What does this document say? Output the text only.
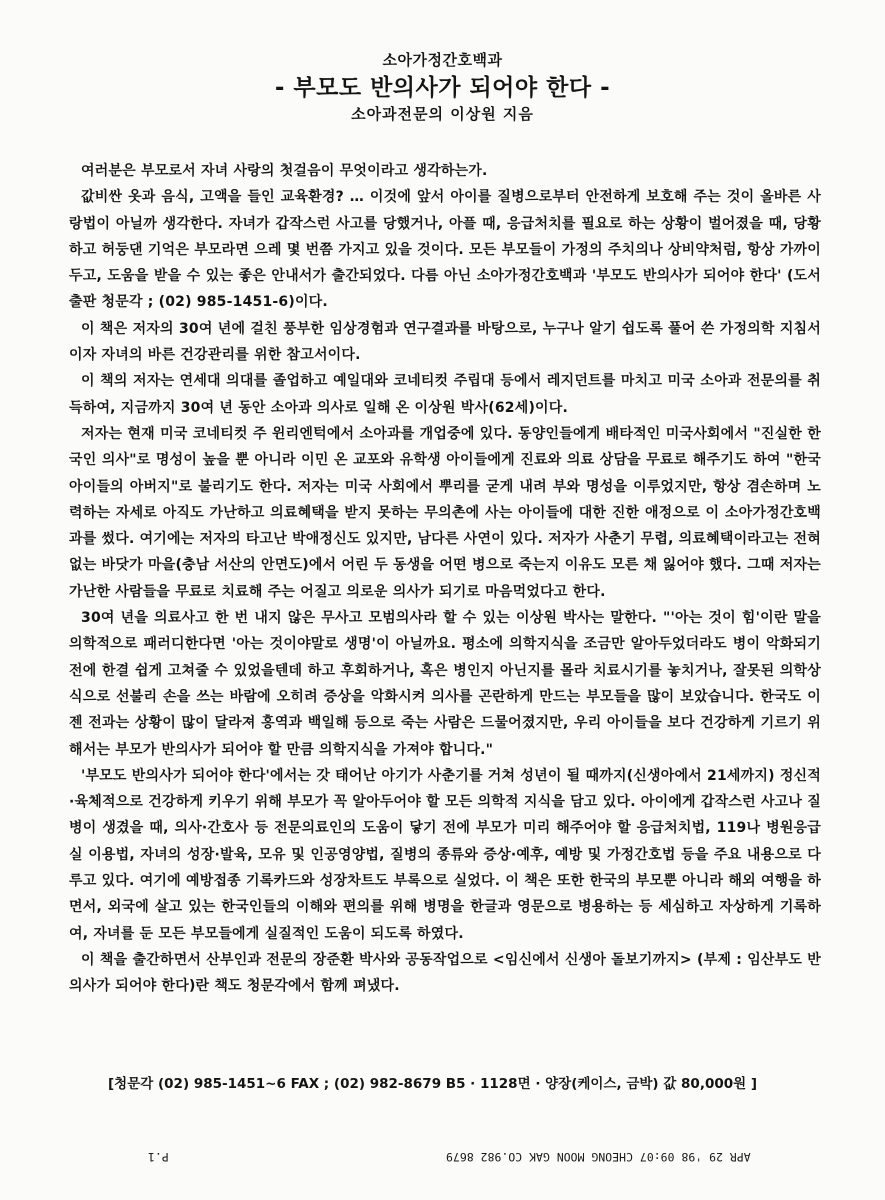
소아가정간호백과
- 부모도 반의사가 되어야 한다 -
소아과전문의 이상원 지음

여러분은 부모로서 자녀 사랑의 첫걸음이 무엇이라고 생각하는가.

값비싼 옷과 음식, 고액을 들인 교육환경? … 이것에 앞서 아이를 질병으로부터 안전하게 보호해 주는 것이 올바른 사랑법이 아닐까 생각한다. 자녀가 갑작스런 사고를 당했거나, 아플 때, 응급처치를 필요로 하는 상황이 벌어졌을 때, 당황하고 허둥댄 기억은 부모라면 으레 몇 번쯤 가지고 있을 것이다. 모든 부모들이 가정의 주치의나 상비약처럼, 항상 가까이 두고, 도움을 받을 수 있는 좋은 안내서가 출간되었다. 다름 아닌 소아가정간호백과 '부모도 반의사가 되어야 한다' (도서출판 청문각 ; (02) 985-1451-6)이다.

이 책은 저자의 30여 년에 걸친 풍부한 임상경험과 연구결과를 바탕으로, 누구나 알기 쉽도록 풀어 쓴 가정의학 지침서이자 자녀의 바른 건강관리를 위한 참고서이다.

이 책의 저자는 연세대 의대를 졸업하고 예일대와 코네티컷 주립대 등에서 레지던트를 마치고 미국 소아과 전문의를 취득하여, 지금까지 30여 년 동안 소아과 의사로 일해 온 이상원 박사(62세)이다.

저자는 현재 미국 코네티컷 주 윈리엔턱에서 소아과를 개업중에 있다. 동양인들에게 배타적인 미국사회에서 "진실한 한국인 의사"로 명성이 높을 뿐 아니라 이민 온 교포와 유학생 아이들에게 진료와 의료 상담을 무료로 해주기도 하여 "한국 아이들의 아버지"로 불리기도 한다. 저자는 미국 사회에서 뿌리를 굳게 내려 부와 명성을 이루었지만, 항상 겸손하며 노력하는 자세로 아직도 가난하고 의료혜택을 받지 못하는 무의촌에 사는 아이들에 대한 진한 애정으로 이 소아가정간호백과를 썼다. 여기에는 저자의 타고난 박애정신도 있지만, 남다른 사연이 있다. 저자가 사춘기 무렵, 의료혜택이라고는 전혀 없는 바닷가 마을(충남 서산의 안면도)에서 어린 두 동생을 어떤 병으로 죽는지 이유도 모른 채 잃어야 했다. 그때 저자는 가난한 사람들을 무료로 치료해 주는 어질고 의로운 의사가 되기로 마음먹었다고 한다.

30여 년을 의료사고 한 번 내지 않은 무사고 모범의사라 할 수 있는 이상원 박사는 말한다. "'아는 것이 힘'이란 말을 의학적으로 패러디한다면 '아는 것이야말로 생명'이 아닐까요. 평소에 의학지식을 조금만 알아두었더라도 병이 악화되기 전에 한결 쉽게 고쳐줄 수 있었을텐데 하고 후회하거나, 혹은 병인지 아닌지를 몰라 치료시기를 놓치거나, 잘못된 의학상식으로 선불리 손을 쓰는 바람에 오히려 증상을 악화시켜 의사를 곤란하게 만드는 부모들을 많이 보았습니다. 한국도 이젠 전과는 상황이 많이 달라져 홍역과 백일해 등으로 죽는 사람은 드물어졌지만, 우리 아이들을 보다 건강하게 기르기 위해서는 부모가 반의사가 되어야 할 만큼 의학지식을 가져야 합니다."

'부모도 반의사가 되어야 한다'에서는 갓 태어난 아기가 사춘기를 거쳐 성년이 될 때까지(신생아에서 21세까지) 정신적·육체적으로 건강하게 키우기 위해 부모가 꼭 알아두어야 할 모든 의학적 지식을 담고 있다. 아이에게 갑작스런 사고나 질병이 생겼을 때, 의사·간호사 등 전문의료인의 도움이 닿기 전에 부모가 미리 해주어야 할 응급처치법, 119나 병원응급실 이용법, 자녀의 성장·발육, 모유 및 인공영양법, 질병의 종류와 증상·예후, 예방 및 가정간호법 등을 주요 내용으로 다루고 있다. 여기에 예방접종 기록카드와 성장차트도 부록으로 실었다. 이 책은 또한 한국의 부모뿐 아니라 해외 여행을 하면서, 외국에 살고 있는 한국인들의 이해와 편의를 위해 병명을 한글과 영문으로 병용하는 등 세심하고 자상하게 기록하여, 자녀를 둔 모든 부모들에게 실질적인 도움이 되도록 하였다.

이 책을 출간하면서 산부인과 전문의 장준환 박사와 공동작업으로 <임신에서 신생아 돌보기까지> (부제 : 임산부도 반의사가 되어야 한다)란 책도 청문각에서 함께 펴냈다.

[청문각 (02) 985-1451~6 FAX ; (02) 982-8679 B5 · 1128면 · 양장(케이스, 금박) 값 80,000원 ]
APR 29 '98 09:07 CHEONG MOON GAK CO.982 8679
P.1
